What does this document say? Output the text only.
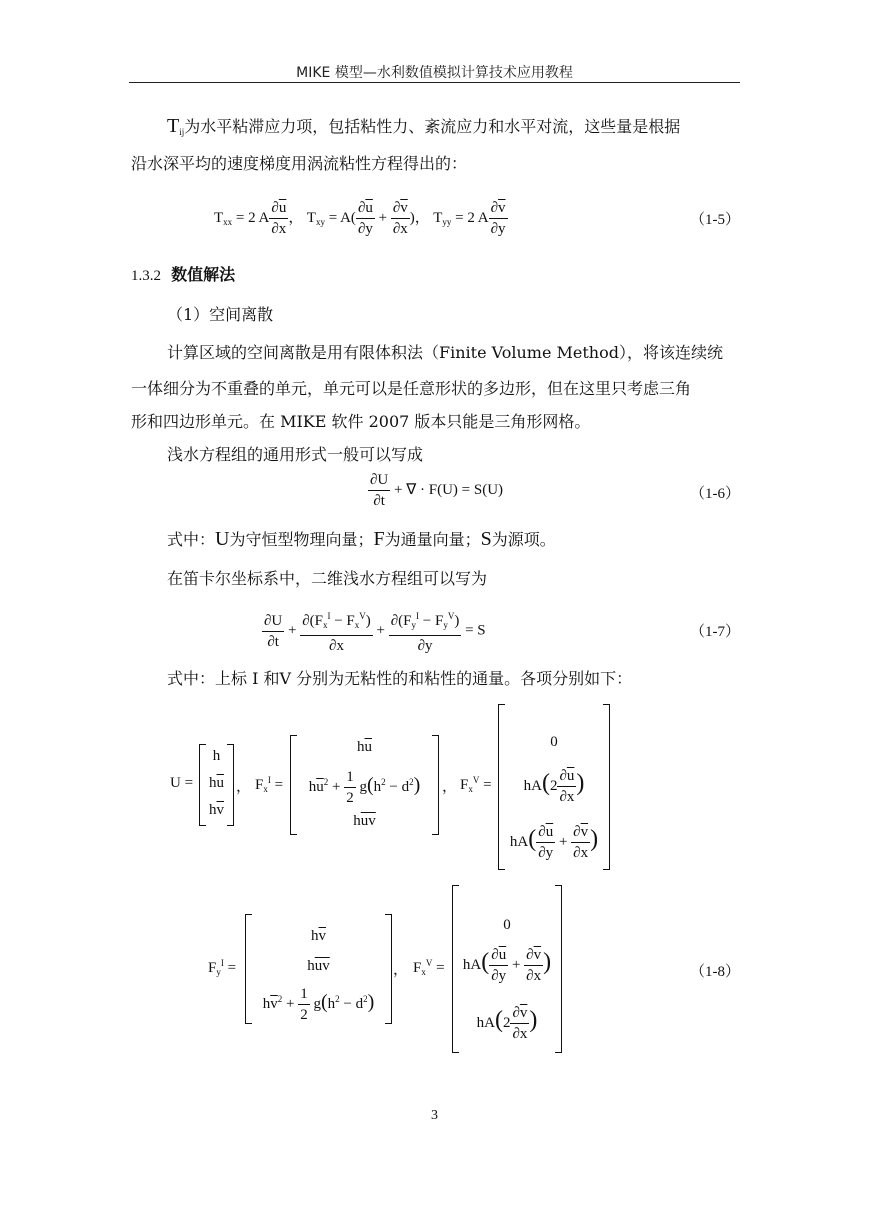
MIKE 模型—水利数值模拟计算技术应用教程
$T_{ij}$为水平粘滞应力项，包括粘性力、紊流应力和水平对流，这些量是根据
沿水深平均的速度梯度用涡流粘性方程得出的：
$T_{xx} = 2$ A $\frac{\partial\overline{u}}{\partial x}$ ， $T_{xy} = A( \frac{\partial\overline{u}}{\partial y} + \frac{\partial\overline{v}}{\partial x}$ )， $T_{yy} = 2$ A $\frac{\partial\overline{v}}{\partial y}$	（1-5）
1.3.2 数值解法
（1）空间离散
计算区域的空间离散是用有限体积法（Finite Volume Method），将该连续统
一体细分为不重叠的单元，单元可以是任意形状的多边形，但在这里只考虑三角
形和四边形单元。在 MIKE 软件 2007 版本只能是三角形网格。
浅水方程组的通用形式一般可以写成
$\frac{\partial U}{\partial t}$ + ∇ · F(U) = S(U)	（1-6）
式中：U为守恒型物理向量；F为通量向量；S为源项。
在笛卡尔坐标系中，二维浅水方程组可以写为
$\frac{\partial U}{\partial t} + \frac{\partial(F_x^I - F_x^V)}{\partial x} + \frac{\partial(F_y^I - F_y^V)}{\partial y} = S$	（1-7）
式中：上标 I 和V 分别为无粘性的和粘性的通量。各项分别如下：
U =
h
$h\overline{u}$
$h\overline{v}$
， $F_x^I$ =
$h\overline{u}$
$h\overline{u}^2 + \frac{1}{2} g(h^2 - d^2)$
$h\overline{uv}$
， $F_x^V$ =
0
$hA(2 \frac{\partial\overline{u}}{\partial x}$ )
$hA( \frac{\partial\overline{u}}{\partial y} + \frac{\partial\overline{v}}{\partial x}$ )
$F_y^I$ =
$h\overline{v}$
$h\overline{uv}$
$h\overline{v}^2 + \frac{1}{2} g(h^2 - d^2)$
， $F_x^V$ =
0
$hA( \frac{\partial\overline{u}}{\partial y} + \frac{\partial\overline{v}}{\partial x}$ )
$hA(2 \frac{\partial\overline{v}}{\partial x}$ )
（1-8）
3
